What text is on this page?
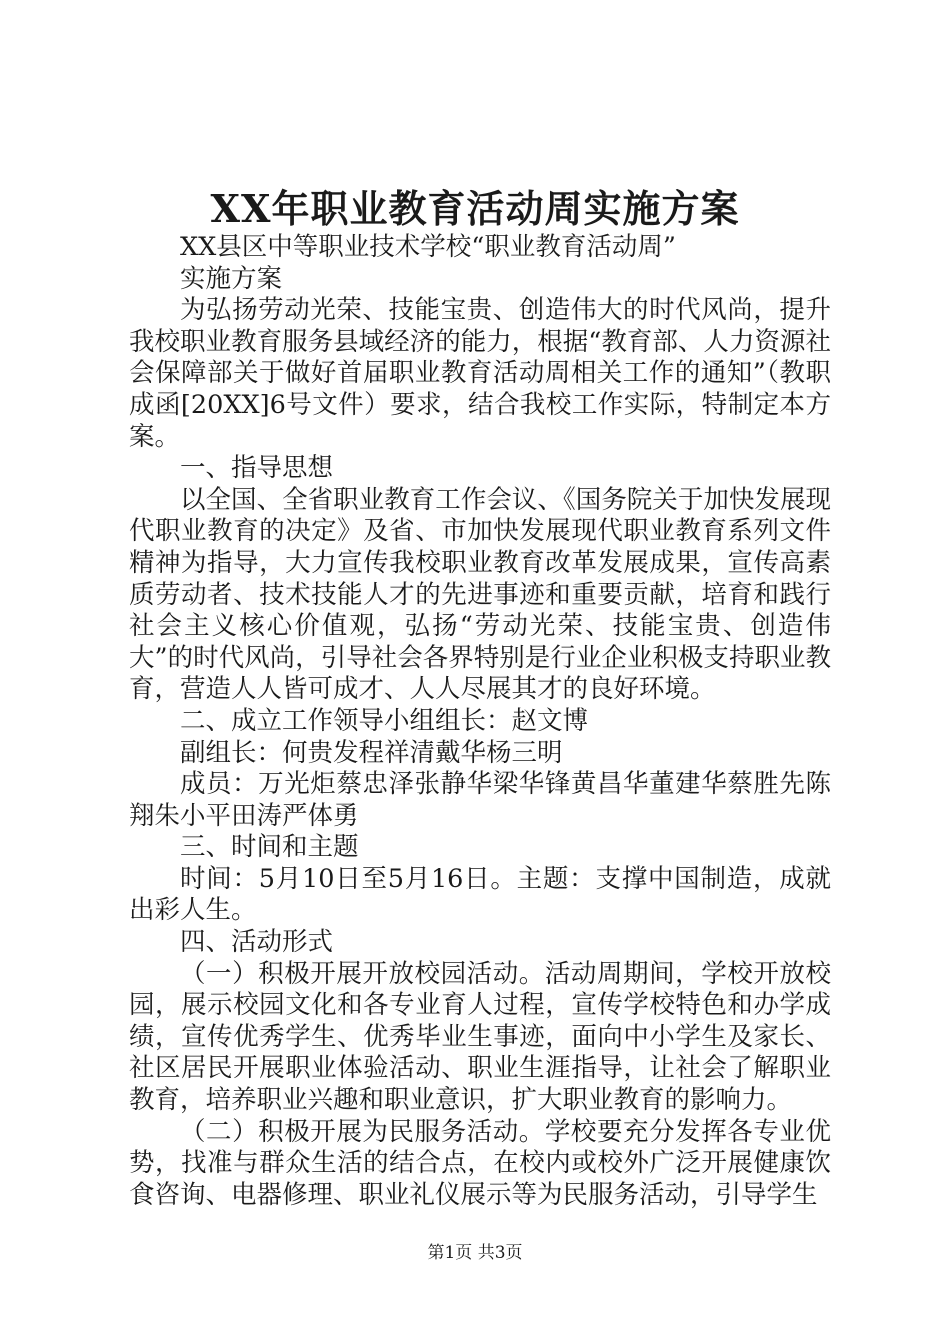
XX年职业教育活动周实施方案

XX县区中等职业技术学校“职业教育活动周”

实施方案

为弘扬劳动光荣、技能宝贵、创造伟大的时代风尚，提升我校职业教育服务县域经济的能力，根据“教育部、人力资源社会保障部关于做好首届职业教育活动周相关工作的通知”（教职成函[20XX]6号文件）要求，结合我校工作实际，特制定本方案。

一、指导思想

以全国、全省职业教育工作会议、《国务院关于加快发展现代职业教育的决定》及省、市加快发展现代职业教育系列文件精神为指导，大力宣传我校职业教育改革发展成果，宣传高素质劳动者、技术技能人才的先进事迹和重要贡献，培育和践行社会主义核心价值观，弘扬“劳动光荣、技能宝贵、创造伟大”的时代风尚，引导社会各界特别是行业企业积极支持职业教育，营造人人皆可成才、人人尽展其才的良好环境。

二、成立工作领导小组组长：赵文博

副组长：何贵发程祥清戴华杨三明

成员：万光炬蔡忠泽张静华梁华锋黄昌华董建华蔡胜先陈翔朱小平田涛严体勇

三、时间和主题

时间：5月10日至5月16日。主题：支撑中国制造，成就出彩人生。

四、活动形式

（一）积极开展开放校园活动。活动周期间，学校开放校园，展示校园文化和各专业育人过程，宣传学校特色和办学成绩，宣传优秀学生、优秀毕业生事迹，面向中小学生及家长、社区居民开展职业体验活动、职业生涯指导，让社会了解职业教育，培养职业兴趣和职业意识，扩大职业教育的影响力。

（二）积极开展为民服务活动。学校要充分发挥各专业优势，找准与群众生活的结合点，在校内或校外广泛开展健康饮食咨询、电器修理、职业礼仪展示等为民服务活动，引导学生

第1页 共3页
